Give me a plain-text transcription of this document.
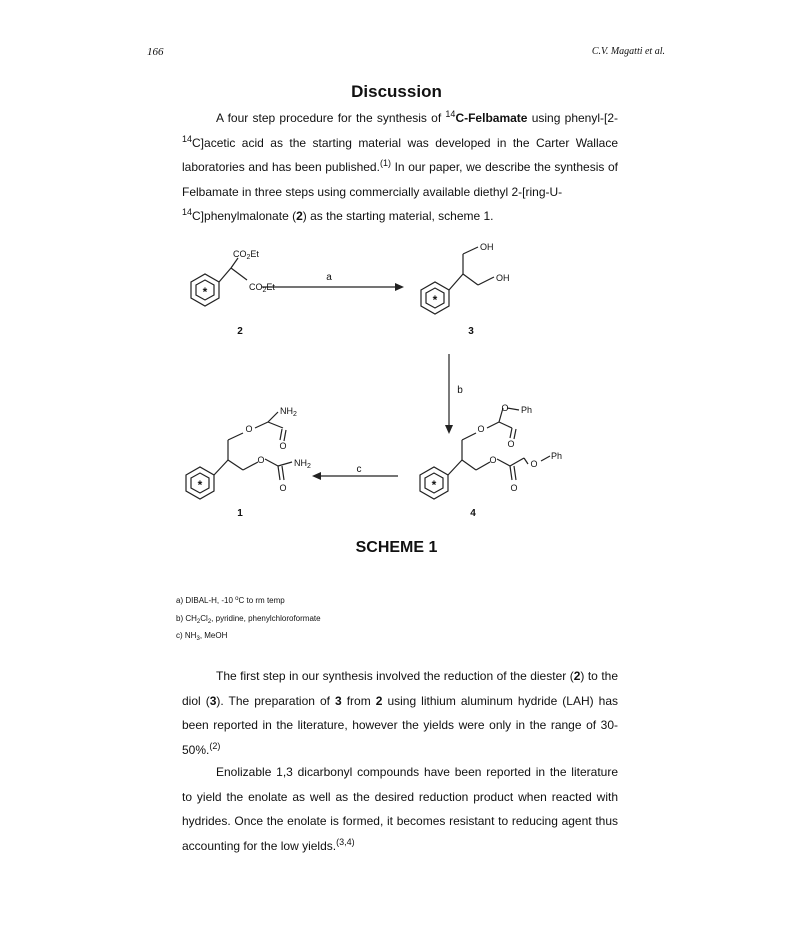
166	C.V. Magatti et al.
Discussion

A four step procedure for the synthesis of $^{14}$C-Felbamate using phenyl-[2-$^{14}$C]acetic acid as the starting material was developed in the Carter Wallace laboratories and has been published.$^{(1)}$ In our paper, we describe the synthesis of Felbamate in three steps using commercially available diethyl 2-[ring-U-
$^{14}$C]phenylmalonate (2) as the starting material, scheme 1.

*
*
*
*
$CO_2Et$
$CO_2Et$
2
a
b
c
OH
OH
3
O
O
O
Ph
O	O
O
Ph
4
O
O
$NH_2$
O	$NH_2$
O
1
SCHEME 1
a) DIBAL-H, -10 $^o$C to rm temp
b) $CH_2Cl_2$, pyridine, phenylchloroformate
c) $NH_3$, MeOH

The first step in our synthesis involved the reduction of the diester (2) to the diol (3). The preparation of 3 from 2 using lithium aluminum hydride (LAH) has been reported in the literature, however the yields were only in the range of 30-50%.$^{(2)}$

Enolizable 1,3 dicarbonyl compounds have been reported in the literature to yield the enolate as well as the desired reduction product when reacted with hydrides. Once the enolate is formed, it becomes resistant to reducing agent thus accounting for the low yields.$^{(3,4)}$
